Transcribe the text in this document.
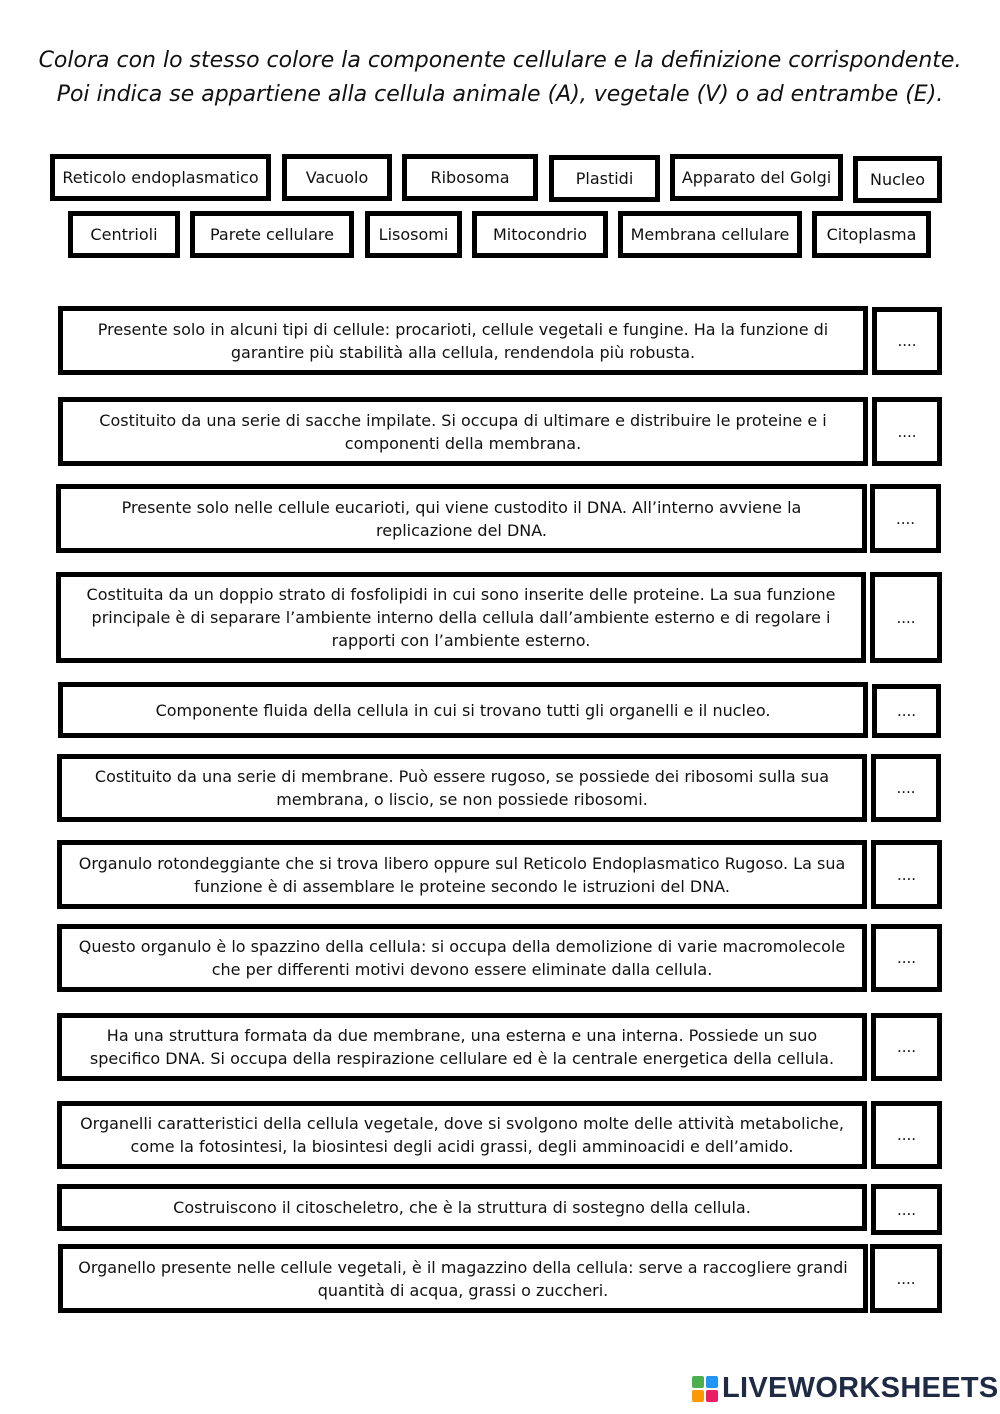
Colora con lo stesso colore la componente cellulare e la definizione corrispondente.
Poi indica se appartiene alla cellula animale (A), vegetale (V) o ad entrambe (E).
Reticolo endoplasmatico	Vacuolo	Ribosoma	Plastidi	Apparato del Golgi	Nucleo
Centrioli	Parete cellulare	Lisosomi	Mitocondrio	Membrana cellulare	Citoplasma
Presente solo in alcuni tipi di cellule: procarioti, cellule vegetali e fungine. Ha la funzione di garantire più stabilità alla cellula, rendendola più robusta.
....
Costituito da una serie di sacche impilate. Si occupa di ultimare e distribuire le proteine e i componenti della membrana.
....
Presente solo nelle cellule eucarioti, qui viene custodito il DNA. All’interno avviene la replicazione del DNA.
....
Costituita da un doppio strato di fosfolipidi in cui sono inserite delle proteine. La sua funzione principale è di separare l’ambiente interno della cellula dall’ambiente esterno e di regolare i rapporti con l’ambiente esterno.
....
Componente fluida della cellula in cui si trovano tutti gli organelli e il nucleo.	....
Costituito da una serie di membrane. Può essere rugoso, se possiede dei ribosomi sulla sua membrana, o liscio, se non possiede ribosomi.
....
Organulo rotondeggiante che si trova libero oppure sul Reticolo Endoplasmatico Rugoso. La sua funzione è di assemblare le proteine secondo le istruzioni del DNA.
....
Questo organulo è lo spazzino della cellula: si occupa della demolizione di varie macromolecole che per differenti motivi devono essere eliminate dalla cellula.
....
Ha una struttura formata da due membrane, una esterna e una interna. Possiede un suo specifico DNA. Si occupa della respirazione cellulare ed è la centrale energetica della cellula.
....
Organelli caratteristici della cellula vegetale, dove si svolgono molte delle attività metaboliche, come la fotosintesi, la biosintesi degli acidi grassi, degli amminoacidi e dell’amido.
....
Costruiscono il citoscheletro, che è la struttura di sostegno della cellula.	....
Organello presente nelle cellule vegetali, è il magazzino della cellula: serve a raccogliere grandi quantità di acqua, grassi o zuccheri.
....
LIVEWORKSHEETS
